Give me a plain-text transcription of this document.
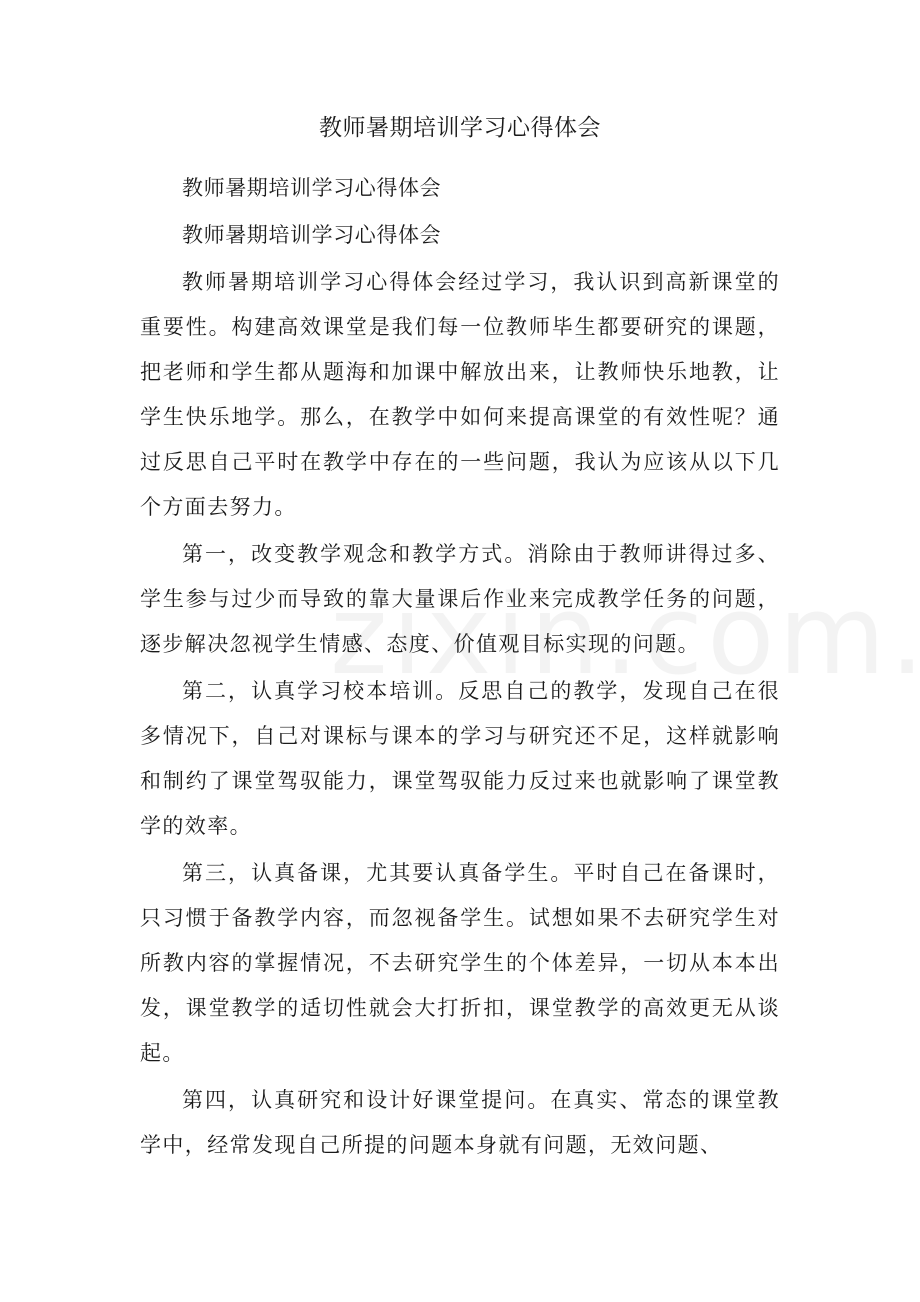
教师暑期培训学习心得体会

教师暑期培训学习心得体会

教师暑期培训学习心得体会

教师暑期培训学习心得体会经过学习，我认识到高新课堂的重要性。构建高效课堂是我们每一位教师毕生都要研究的课题，把老师和学生都从题海和加课中解放出来，让教师快乐地教，让学生快乐地学。那么，在教学中如何来提高课堂的有效性呢？通过反思自己平时在教学中存在的一些问题，我认为应该从以下几个方面去努力。

第一，改变教学观念和教学方式。消除由于教师讲得过多、学生参与过少而导致的靠大量课后作业来完成教学任务的问题，逐步解决忽视学生情感、态度、价值观目标实现的问题。

第二，认真学习校本培训。反思自己的教学，发现自己在很多情况下，自己对课标与课本的学习与研究还不足，这样就影响和制约了课堂驾驭能力，课堂驾驭能力反过来也就影响了课堂教学的效率。

第三，认真备课，尤其要认真备学生。平时自己在备课时，只习惯于备教学内容，而忽视备学生。试想如果不去研究学生对所教内容的掌握情况，不去研究学生的个体差异，一切从本本出发，课堂教学的适切性就会大打折扣，课堂教学的高效更无从谈起。

第四，认真研究和设计好课堂提问。在真实、常态的课堂教学中，经常发现自己所提的问题本身就有问题，无效问题、
